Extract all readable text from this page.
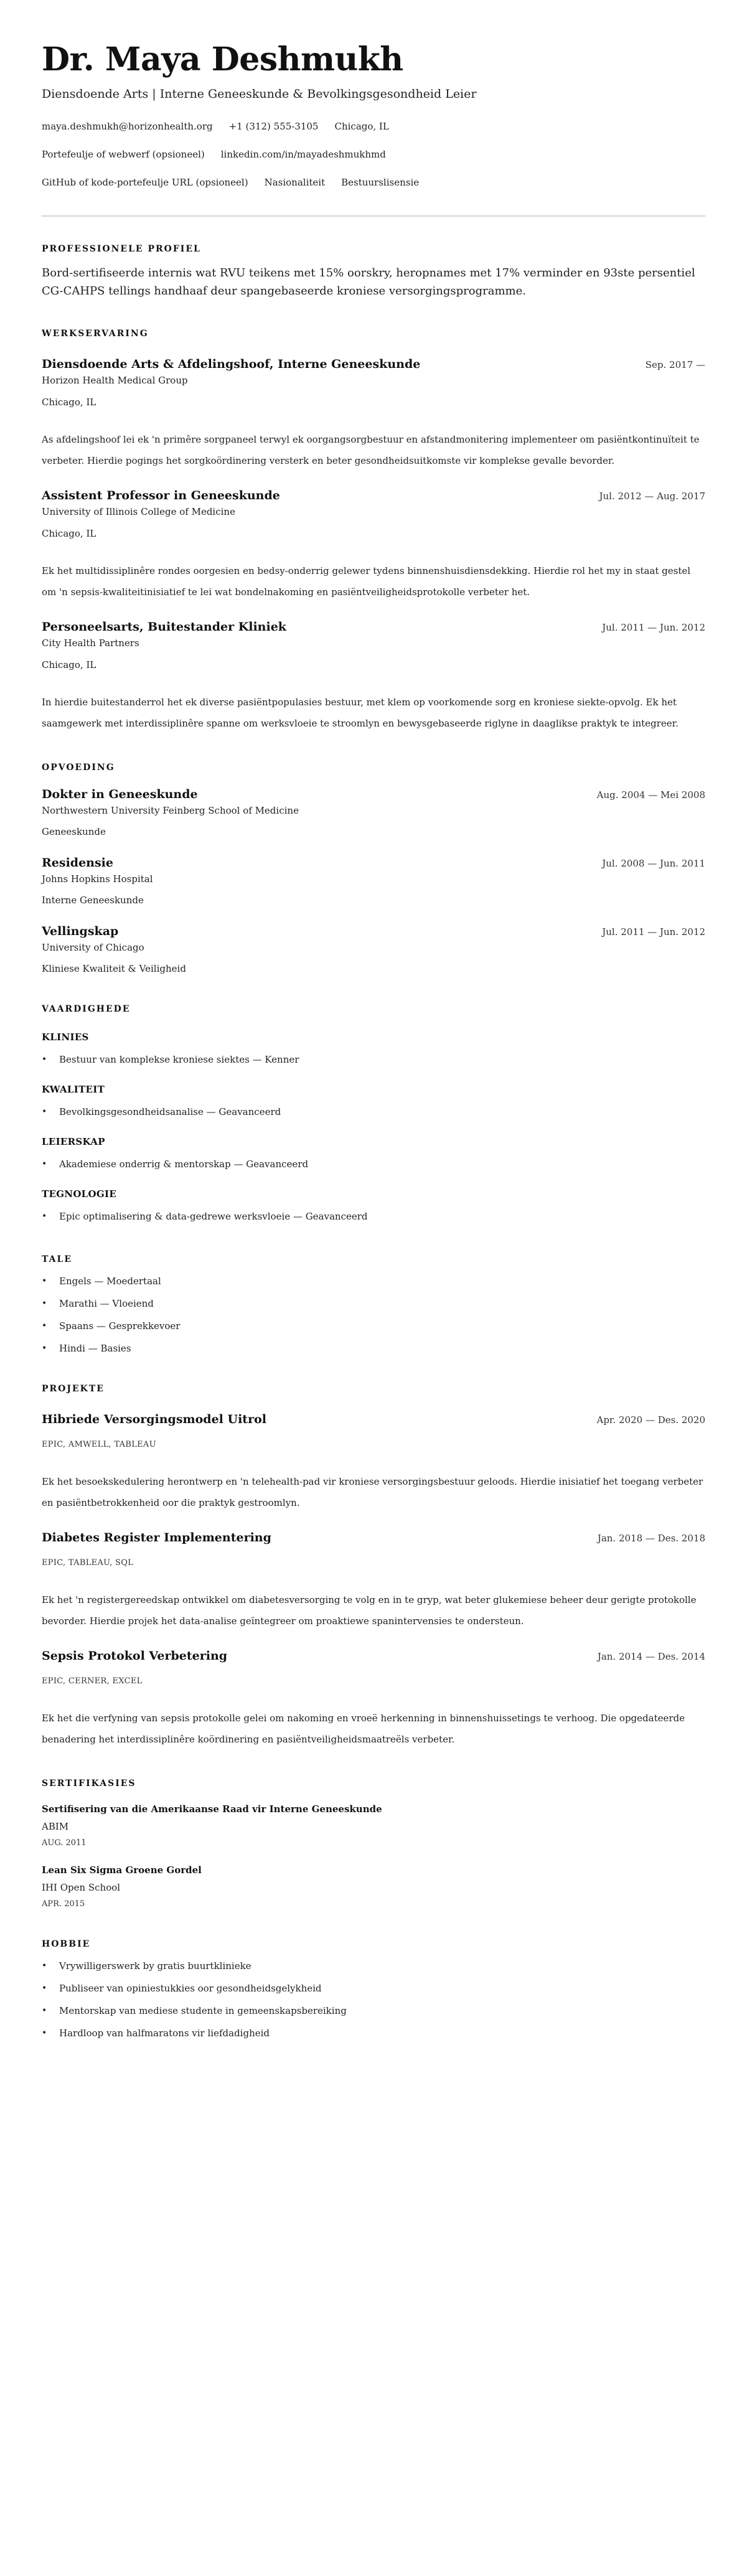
Dr. Maya Deshmukh
Diensdoende Arts | Interne Geneeskunde & Bevolkingsgesondheid Leier
maya.deshmukh@horizonhealth.org +1 (312) 555-3105 Chicago, IL
Portefeulje of webwerf (opsioneel) linkedin.com/in/mayadeshmukhmd
GitHub of kode-portefeulje URL (opsioneel) Nasionaliteit Bestuurslisensie
PROFESSIONELE PROFIEL

Bord-sertifiseerde internis wat RVU teikens met 15% oorskry, heropnames met 17% verminder en 93ste persentiel CG-CAHPS tellings handhaaf deur spangebaseerde kroniese versorgingsprogramme.

WERKSERVARING
Diensdoende Arts & Afdelingshoof, Interne Geneeskunde	Sep. 2017 —
Horizon Health Medical Group
Chicago, IL

As afdelingshoof lei ek 'n primêre sorgpaneel terwyl ek oorgangsorgbestuur en afstandmonitering implementeer om pasiëntkontinuïteit te verbeter. Hierdie pogings het sorgkoördinering versterk en beter gesondheidsuitkomste vir komplekse gevalle bevorder.

Assistent Professor in Geneeskunde	Jul. 2012 — Aug. 2017
University of Illinois College of Medicine
Chicago, IL

Ek het multidissiplinêre rondes oorgesien en bedsy-onderrig gelewer tydens binnenshuisdiensdekking. Hierdie rol het my in staat gestel om 'n sepsis-kwaliteitinisiatief te lei wat bondelnakoming en pasiëntveiligheidsprotokolle verbeter het.

Personeelsarts, Buitestander Kliniek	Jul. 2011 — Jun. 2012
City Health Partners
Chicago, IL

In hierdie buitestanderrol het ek diverse pasiëntpopulasies bestuur, met klem op voorkomende sorg en kroniese siekte-opvolg. Ek het saamgewerk met interdissiplinêre spanne om werksvloeie te stroomlyn en bewysgebaseerde riglyne in daaglikse praktyk te integreer.

OPVOEDING
Dokter in Geneeskunde	Aug. 2004 — Mei 2008
Northwestern University Feinberg School of Medicine
Geneeskunde
Residensie	Jul. 2008 — Jun. 2011
Johns Hopkins Hospital
Interne Geneeskunde
Vellingskap	Jul. 2011 — Jun. 2012
University of Chicago
Kliniese Kwaliteit & Veiligheid
VAARDIGHEDE
KLINIES
• Bestuur van komplekse kroniese siektes — Kenner
KWALITEIT
• Bevolkingsgesondheidsanalise — Geavanceerd
LEIERSKAP
• Akademiese onderrig & mentorskap — Geavanceerd
TEGNOLOGIE
• Epic optimalisering & data-gedrewe werksvloeie — Geavanceerd
TALE
• Engels — Moedertaal
• Marathi — Vloeiend
• Spaans — Gesprekkevoer
• Hindi — Basies
PROJEKTE
Hibriede Versorgingsmodel Uitrol	Apr. 2020 — Des. 2020
EPIC, AMWELL, TABLEAU

Ek het besoekskedulering herontwerp en 'n telehealth-pad vir kroniese versorgingsbestuur geloods. Hierdie inisiatief het toegang verbeter en pasiëntbetrokkenheid oor die praktyk gestroomlyn.

Diabetes Register Implementering	Jan. 2018 — Des. 2018
EPIC, TABLEAU, SQL

Ek het 'n registergereedskap ontwikkel om diabetesversorging te volg en in te gryp, wat beter glukemiese beheer deur gerigte protokolle bevorder. Hierdie projek het data-analise geïntegreer om proaktiewe spanintervensies te ondersteun.

Sepsis Protokol Verbetering	Jan. 2014 — Des. 2014
EPIC, CERNER, EXCEL

Ek het die verfyning van sepsis protokolle gelei om nakoming en vroeë herkenning in binnenshuissetings te verhoog. Die opgedateerde benadering het interdissiplinêre koördinering en pasiëntveiligheidsmaatreëls verbeter.

SERTIFIKASIES
Sertifisering van die Amerikaanse Raad vir Interne Geneeskunde
ABIM
AUG. 2011
Lean Six Sigma Groene Gordel
IHI Open School
APR. 2015
HOBBIE
• Vrywilligerswerk by gratis buurtklinieke
• Publiseer van opiniestukkies oor gesondheidsgelykheid
• Mentorskap van mediese studente in gemeenskapsbereiking
• Hardloop van halfmaratons vir liefdadigheid
